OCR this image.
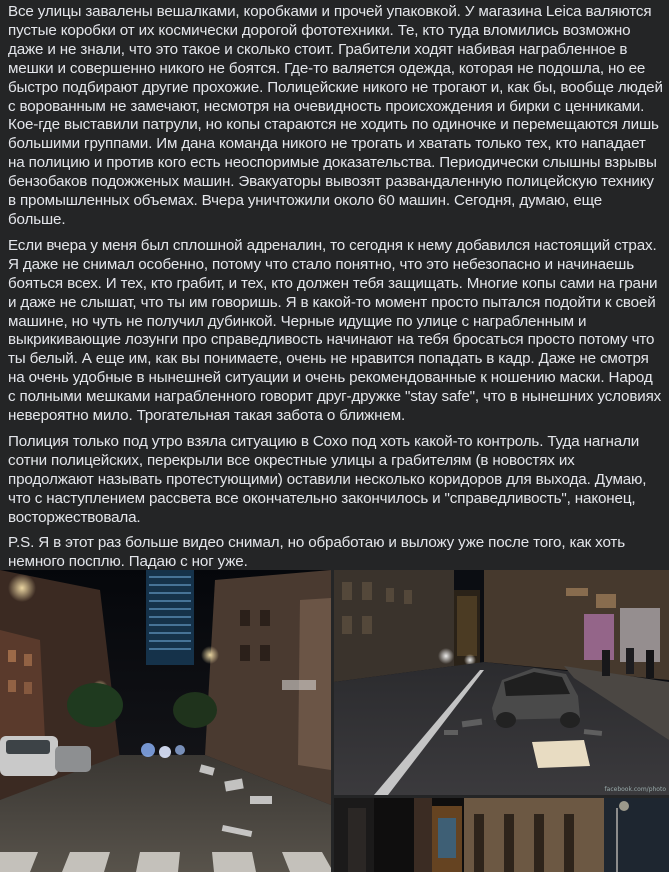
Все улицы завалены вешалками, коробками и прочей упаковкой. У магазина Leica валяются пустые коробки от их космически дорогой фототехники. Те, кто туда вломились возможно даже и не знали, что это такое и сколько стоит. Грабители ходят набивая награбленное в мешки и совершенно никого не боятся. Где-то валяется одежда, которая не подошла, но ее быстро подбирают другие прохожие. Полицейские никого не трогают и, как бы, вообще людей с ворованным не замечают, несмотря на очевидность происхождения и бирки с ценниками. Кое-где выставили патрули, но копы стараются не ходить по одиночке и перемещаются лишь большими группами. Им дана команда никого не трогать и хватать только тех, кто нападает на полицию и против кого есть неоспоримые доказательства. Периодически слышны взрывы бензобаков подожженых машин. Эвакуаторы вывозят развандаленную полицейскую технику в промышленных объемах. Вчера уничтожили около 60 машин. Сегодня, думаю, еще больше.

Если вчера у меня был сплошной адреналин, то сегодня к нему добавился настоящий страх. Я даже не снимал особенно, потому что стало понятно, что это небезопасно и начинаешь бояться всех. И тех, кто грабит, и тех, кто должен тебя защищать. Многие копы сами на грани и даже не слышат, что ты им говоришь. Я в какой-то момент просто пытался подойти к своей машине, но чуть не получил дубинкой. Черные идущие по улице с награбленным и выкрикивающие лозунги про справедливость начинают на тебя бросаться просто потому что ты белый. А еще им, как вы понимаете, очень не нравится попадать в кадр. Даже не смотря на очень удобные в нынешней ситуации и очень рекомендованные к ношению маски. Народ с полными мешками награбленного говорит друг-дружке "stay safe", что в нынешних условиях невероятно мило. Трогательная такая забота о ближнем.

Полиция только под утро взяла ситуацию в Сохо под хоть какой-то контроль. Туда нагнали сотни полицейских, перекрыли все окрестные улицы а грабителям (в новостях их продолжают называть протестующими) оставили несколько коридоров для выхода. Думаю, что с наступлением рассвета все окончательно закончилось и "справедливость", наконец, восторжествовала.

P.S. Я в этот раз больше видео снимал, но обработаю и выложу уже после того, как хоть немного посплю. Падаю с ног уже.

facebook.com/photo
